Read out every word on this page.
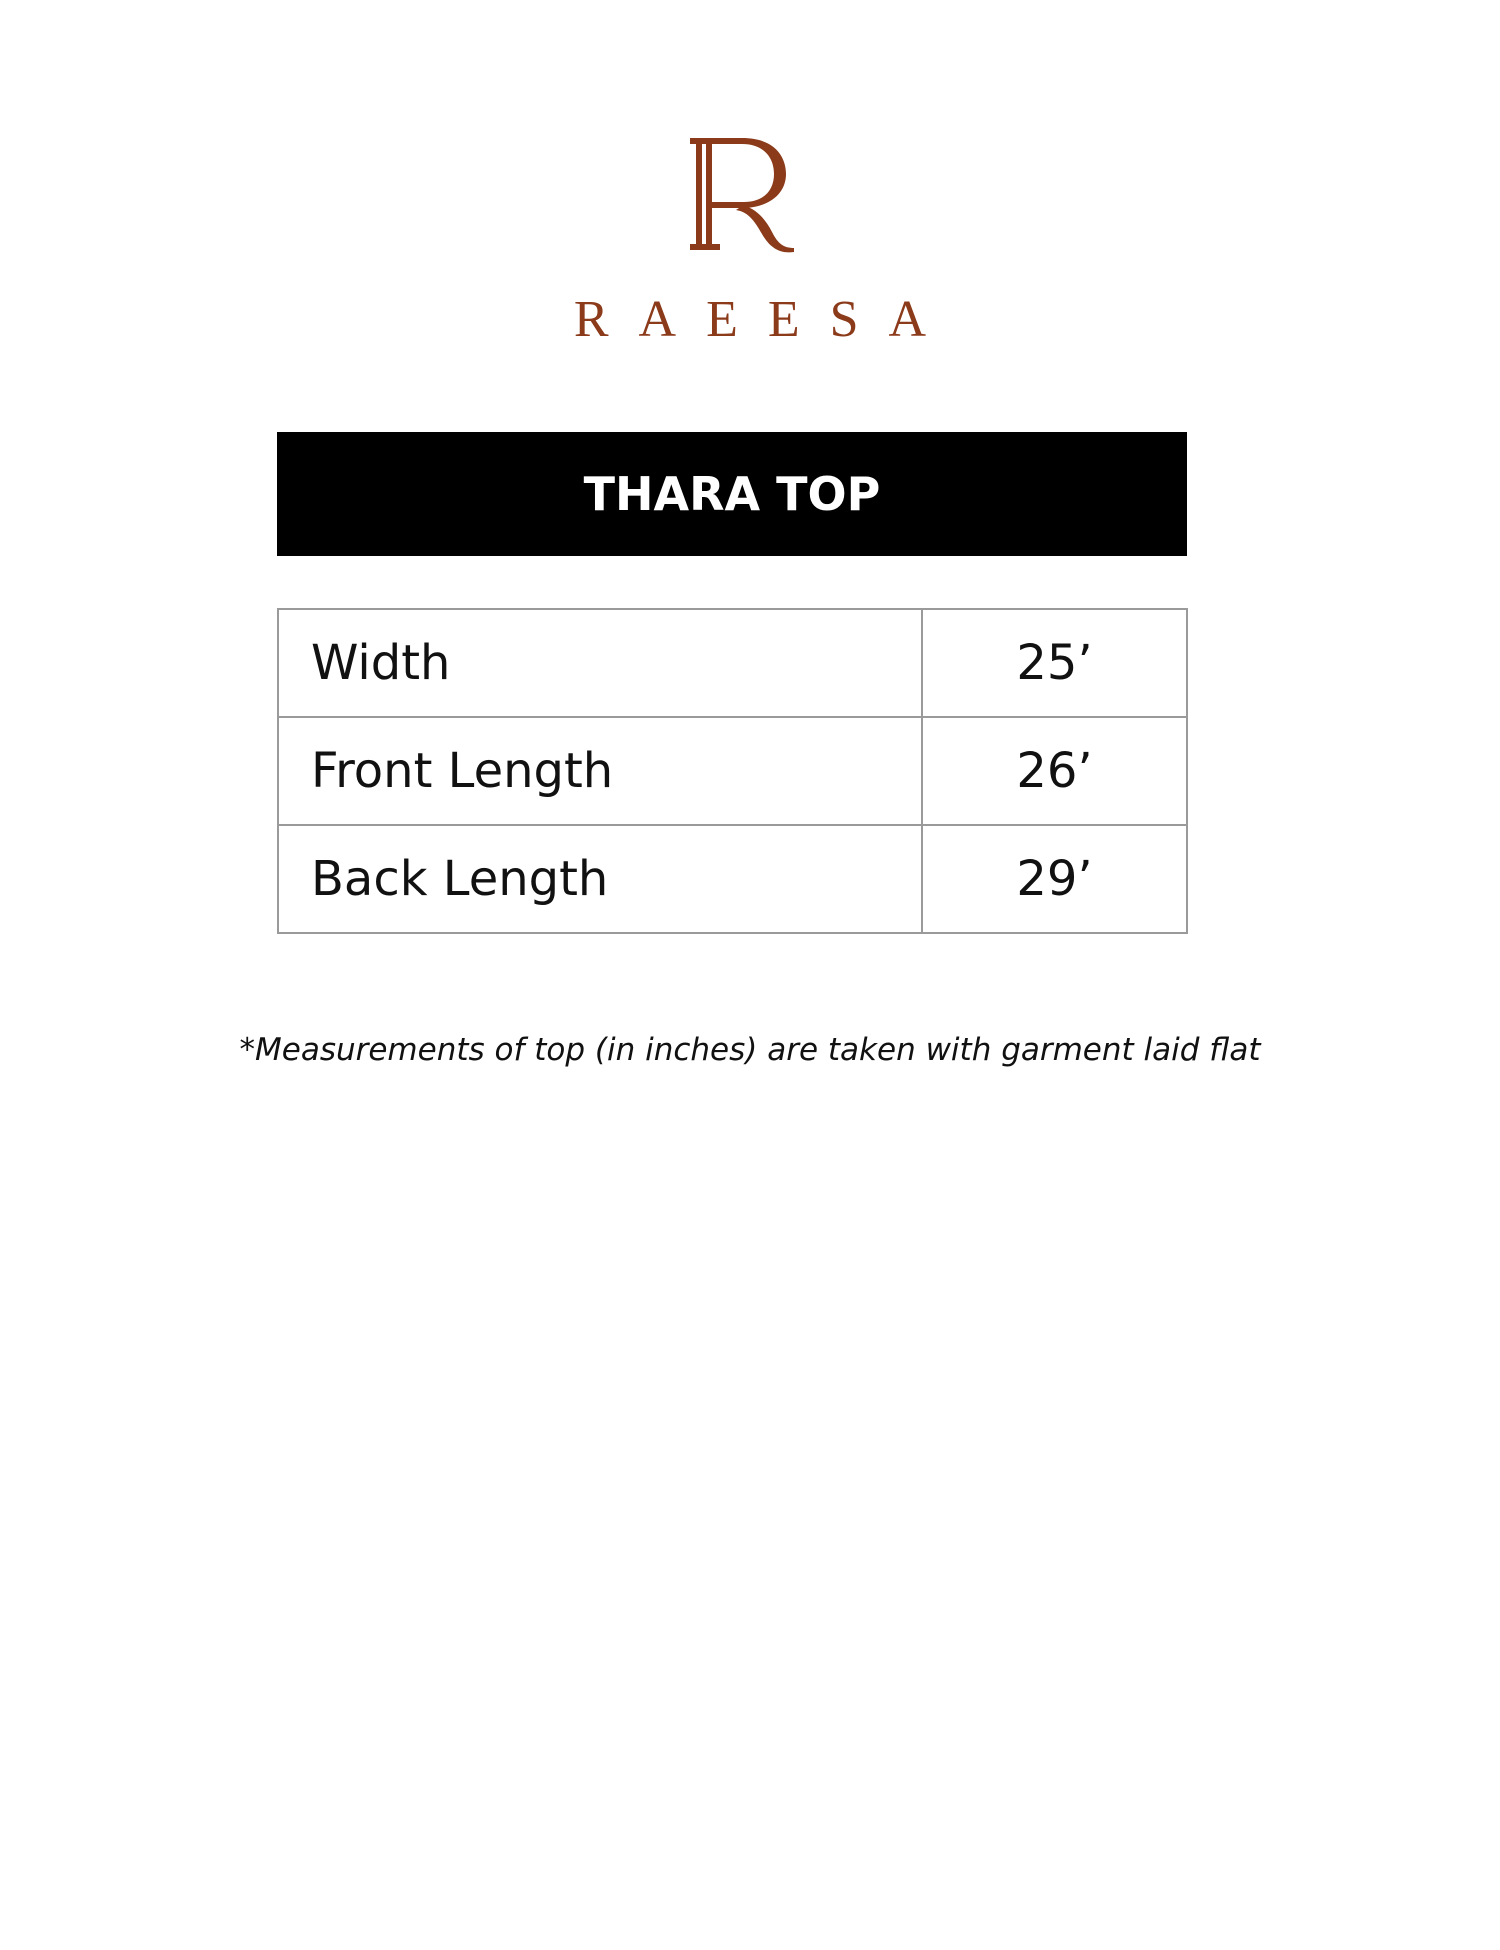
RAEESA
THARA TOP
Width	25’
Front Length	26’
Back Length	29’
*Measurements of top (in inches) are taken with garment laid flat
